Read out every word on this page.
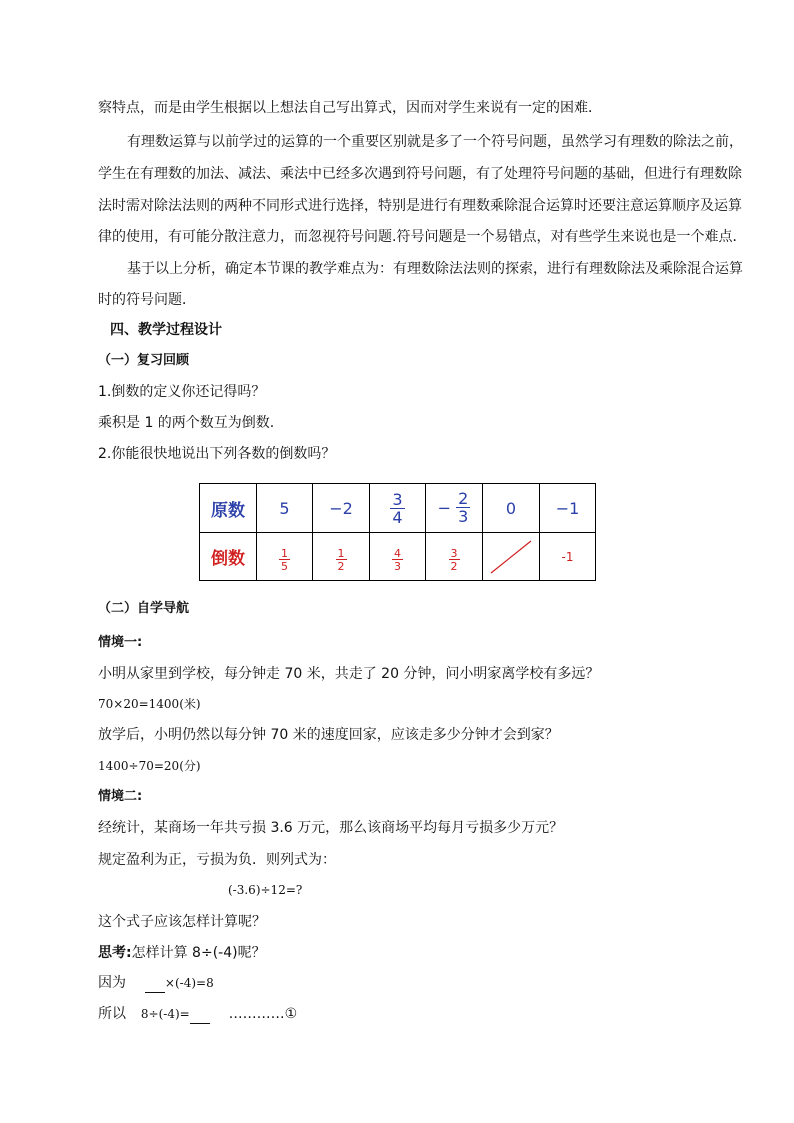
察特点，而是由学生根据以上想法自己写出算式，因而对学生来说有一定的困难．
有理数运算与以前学过的运算的一个重要区别就是多了一个符号问题，虽然学习有理数的除法之前，
学生在有理数的加法、减法、乘法中已经多次遇到符号问题，有了处理符号问题的基础，但进行有理数除
法时需对除法法则的两种不同形式进行选择，特别是进行有理数乘除混合运算时还要注意运算顺序及运算
律的使用，有可能分散注意力，而忽视符号问题.符号问题是一个易错点，对有些学生来说也是一个难点．
基于以上分析，确定本节课的教学难点为：有理数除法法则的探索，进行有理数除法及乘除混合运算
时的符号问题．
四、教学过程设计
（一）复习回顾
1.倒数的定义你还记得吗？
乘积是 1 的两个数互为倒数.
2.你能很快地说出下列各数的倒数吗？
原数	5	−2	$\frac{3}{4}$	− $\frac{2}{3}$	0	−1
倒数	$\frac{1}{5}$	$\frac{1}{2}$	$\frac{4}{3}$	$\frac{3}{2}$		-1
（二）自学导航
情境一:
小明从家里到学校，每分钟走 70 米，共走了 20 分钟，问小明家离学校有多远？
70×20=1400(米)
放学后，小明仍然以每分钟 70 米的速度回家，应该走多少分钟才会到家？
1400÷70=20(分)
情境二:
经统计，某商场一年共亏损 3.6 万元，那么该商场平均每月亏损多少万元？
规定盈利为正，亏损为负．则列式为：
(-3.6)÷12=?
这个式子应该怎样计算呢？
思考:怎样计算 8÷(-4)呢？
因为	×(-4)=8
所以 8÷(-4)=	…………①
